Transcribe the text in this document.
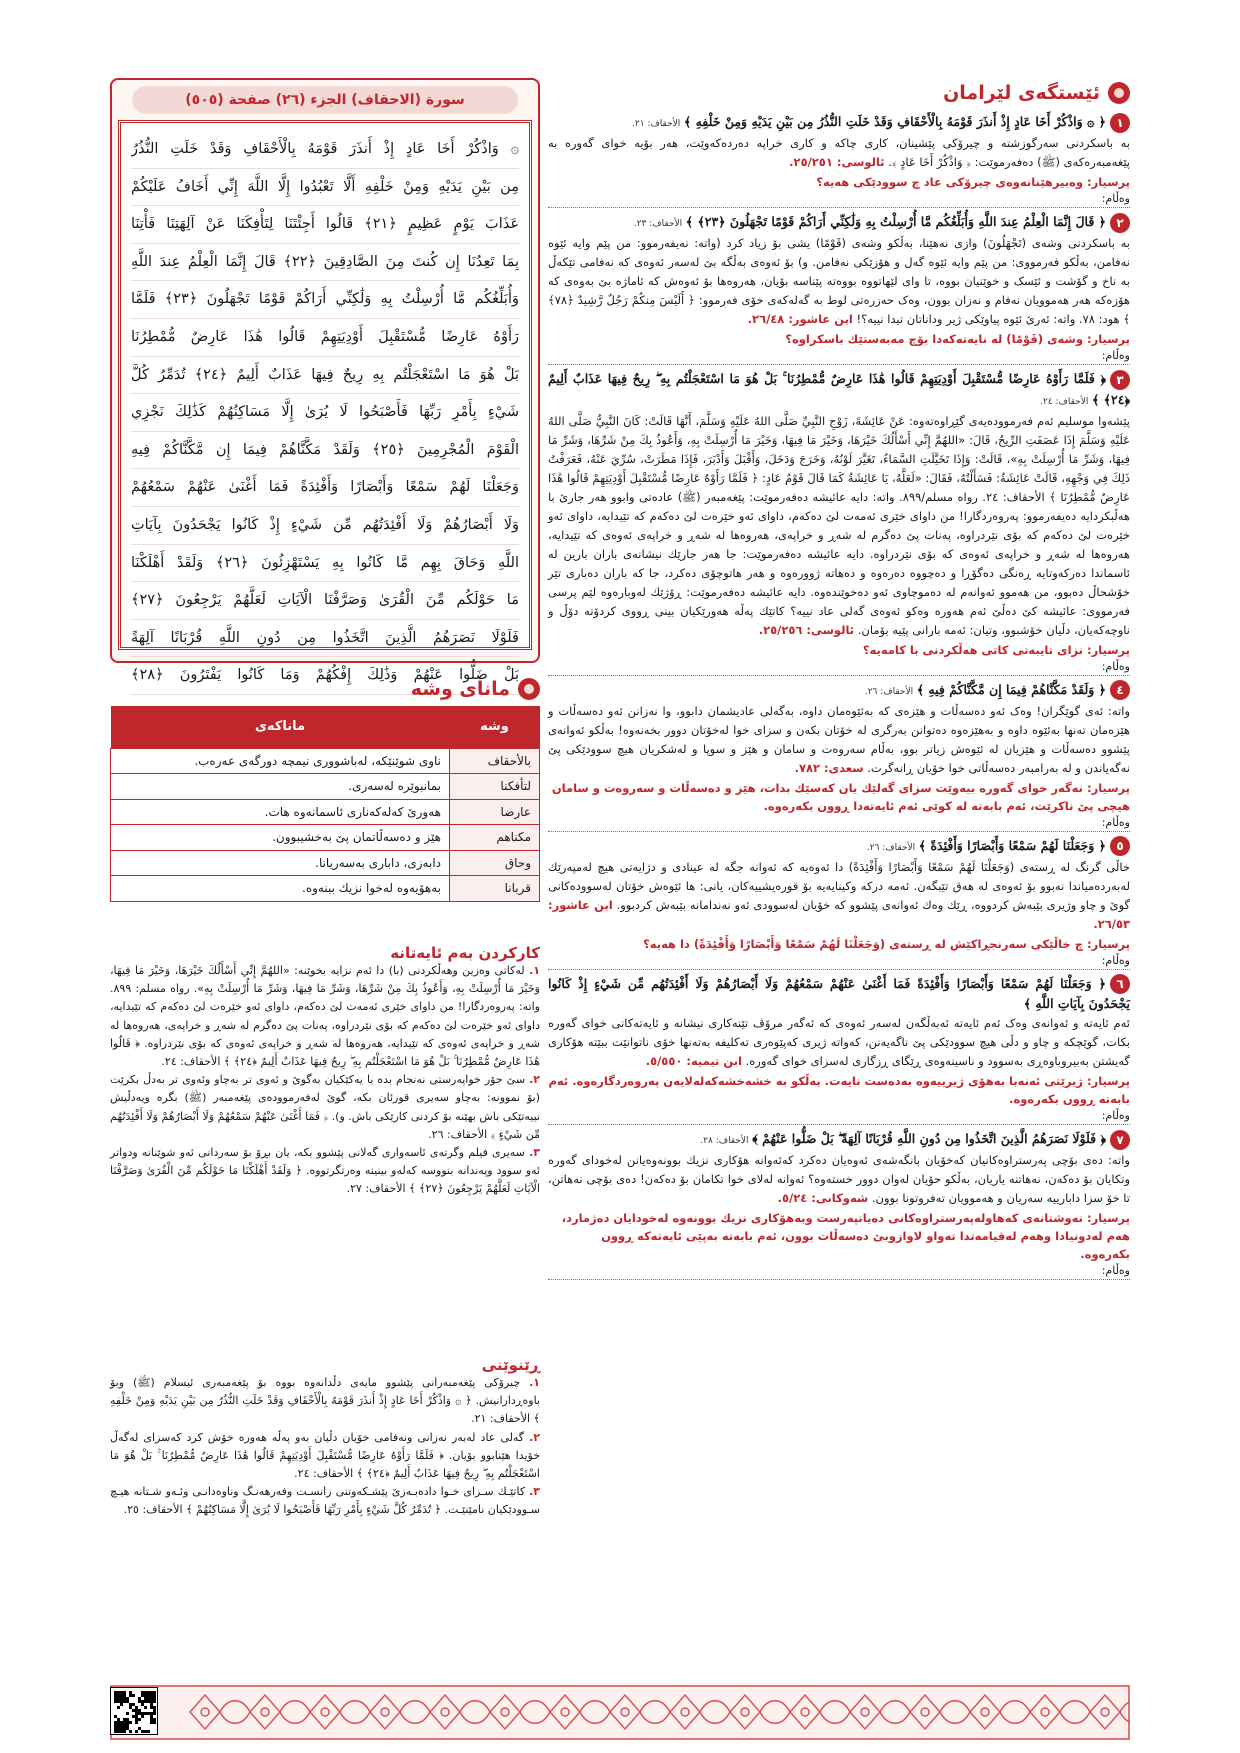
ئێستگەی لێرامان
١﴿ ۞ وَاذْكُرْ أَخَا عَادٍ إِذْ أَنذَرَ قَوْمَهُ بِالْأَحْقَافِ وَقَدْ خَلَتِ النُّذُرُ مِن بَيْنِ يَدَيْهِ وَمِنْ خَلْفِهِ ﴾ الأحقاف: ٢١.
بە باسکردنی سەرگوزشتە و چیرۆکی پێشینان، کاری چاکە و کاری خراپە دەردەکەوێت، هەر بۆیە خوای گەورە بە پێغەمبەرەکەی (ﷺ) دەفەرموێت: ﴿ وَاذْكُرْ أَخَا عَادٍ ﴾. ئالوسی: ٢٥/٢٥١.
پرسیار: وەبیرهێنانەوەی چیرۆکی عاد چ سوودێکی هەیە؟
وەڵام:
٢﴿ قَالَ إِنَّمَا الْعِلْمُ عِندَ اللَّهِ وَأُبَلِّغُكُم مَّا أُرْسِلْتُ بِهِ وَلَٰكِنِّي أَرَاكُمْ قَوْمًا تَجْهَلُونَ ﴿٢٣﴾ ﴾ الأحقاف: ٢٣.
بە باسکردنی وشەی (تَجْهَلُونَ) وازی نەهێنا، بەڵکو وشەی (قَوْمًا) یشی بۆ زیاد کرد (واتە: نەیفەرموو: من پێم وایە ئێوە نەفامن، بەڵکو فەرمووی: من پێم وایە ئێوە گەل و هۆزێکی نەفامن. و) بۆ ئەوەی بەڵگە بێ لەسەر ئەوەی کە نەفامی تێکەڵ بە ناخ و گۆشت و ئێسک و خوێنیان بووە، تا وای لێهاتووە بووەتە پێناسە بۆیان، هەروەها بۆ ئەوەش کە ئاماژە بێ بەوەی کە هۆزەکە هەر هەموویان نەفام و نەزان بوون، وەک حەزرەتی لوط بە گەلەکەی خۆی فەرموو: ﴿ أَلَيْسَ مِنكُمْ رَجُلٌ رَّشِيدٌ ﴿٧٨﴾ ﴾ هود: ٧٨. واتە: ئەرێ ئێوە پیاوێکی ژیر وداناتان تیدا نییە؟! ابن عاشور: ٢٦/٤٨.
پرسیار: وشەی (قَوْمًا) لە نایەتەکەدا بۆچ مەبەستێك باسکراوە؟
وەڵام:
٣﴿ فَلَمَّا رَأَوْهُ عَارِضًا مُّسْتَقْبِلَ أَوْدِيَتِهِمْ قَالُوا هَٰذَا عَارِضٌ مُّمْطِرُنَا ۚ بَلْ هُوَ مَا اسْتَعْجَلْتُم بِهِ ۖ رِيحٌ فِيهَا عَذَابٌ أَلِيمٌ ﴿٢٤﴾ ﴾ الأحقاف: ٢٤.
پێشەوا موسلیم ئەم فەرموودەیەی گێڕاوەتەوە: عَنْ عَائِشَةَ، زَوْجِ النَّبِيِّ صَلَّى اللهُ عَلَيْهِ وَسَلَّمَ، أَنَّهَا قَالَتْ: كَانَ النَّبِيُّ صَلَّى اللهُ عَلَيْهِ وَسَلَّمَ إِذَا عَصَفَتِ الرِّيحُ، قَالَ: «اللهُمَّ إِنِّي أَسْأَلُكَ خَيْرَهَا، وَخَيْرَ مَا فِيهَا، وَخَيْرَ مَا أُرْسِلَتْ بِهِ، وَأَعُوذُ بِكَ مِنْ شَرِّهَا، وَشَرِّ مَا فِيهَا، وَشَرِّ مَا أُرْسِلَتْ بِهِ»، قَالَتْ: وَإِذَا تَخَيَّلَتِ السَّمَاءُ، تَغَيَّرَ لَوْنُهُ، وَخَرَجَ وَدَخَلَ، وَأَقْبَلَ وَأَدْبَرَ، فَإِذَا مَطَرَتْ، سُرِّيَ عَنْهُ، فَعَرَفْتُ ذَلِكَ فِي وَجْهِهِ، قَالَتْ عَائِشَةُ: فَسَأَلْتُهُ، فَقَالَ: «لَعَلَّهُ، يَا عَائِشَةُ كَمَا قَالَ قَوْمُ عَادٍ: ﴿ فَلَمَّا رَأَوْهُ عَارِضًا مُّسْتَقْبِلَ أَوْدِيَتِهِمْ قَالُوا هَٰذَا عَارِضٌ مُّمْطِرُنَا ﴾ الأحقاف: ٢٤. رواه مسلم/٨٩٩. واتە: دایە عائیشە دەفەرموێت: پێغەمبەر (ﷺ) عادەتی وابوو هەر جارێ با هەڵبکردایە دەیفەرموو: پەروەردگارا! من داوای خێری ئەمەت لێ دەکەم، داوای ئەو خێرەت لێ دەکەم کە تێیدایە، داوای ئەو خێرەت لێ دەکەم کە بۆی نێردراوە، پەنات پێ دەگرم لە شەڕ و خراپەی، هەروەها لە شەڕ و خراپەی ئەوەی کە تێیدایە، هەروەها لە شەڕ و خراپەی ئەوەی کە بۆی نێردراوە. دایە عائیشە دەفەرموێت: جا هەر جارێك نیشانەی باران بارین لە ئاسماندا دەرکەوتایە ڕەنگی دەگۆڕا و دەچووە دەرەوە و دەهاتە ژوورەوە و هەر هاتوچۆی دەکرد، جا کە باران دەباری تێر خۆشحاڵ دەبوو، من هەموو ئەوانەم لە دەموچاوی ئەو دەخوێندەوە. دایە عائیشە دەفەرموێت: ڕۆژێك لەوبارەوە لێم پرسی فەرمووی: عائیشە کێ دەڵێ ئەم هەورە وەکو ئەوەی گەلی عاد نییە؟ کاتێك پەڵە هەورێکیان بینی ڕووی کردۆتە دۆڵ و ناوچەکەیان، دڵیان خۆشبوو، وتیان: ئەمە بارانی پێیە بۆمان. ئالوسی: ٢٥/٢٥٦.
پرسیار: نزای تایبەتی کاتی هەڵکردنی با کامەیە؟
وەڵام:
٤﴿ وَلَقَدْ مَكَّنَّاهُمْ فِيمَا إِن مَّكَّنَّاكُمْ فِيهِ ﴾ الأحقاف: ٢٦.
واتە: ئەی گوێگران! وەک ئەو دەسەڵات و هێزەی کە بەئێوەمان داوە، بەگەلی عادیشمان دابوو، وا نەزانن ئەو دەسەڵات و هێزەمان تەنها بەئێوە داوە و بەهێزەوە دەتوانن بەرگری لە خۆتان بکەن و سزای خوا لەخۆتان دوور بخەنەوە! بەڵکو ئەوانەی پێشوو دەسەڵات و هێزیان لە ئێوەش زیاتر بوو، بەڵام سەروەت و سامان و هێز و سوپا و لەشکریان هیچ سوودێکی پێ نەگەیاندن و لە بەرامبەر دەسەڵاتی خوا خۆیان ڕانەگرت. سعدی: ٧٨٢.
پرسیار: نەگەر خوای گەورە بیەوێت سزای گەلێك یان کەسێك بدات، هێز و دەسەڵات و سەروەت و سامان هیچی پێ ناکرێت، ئەم بابەتە لە کوێی ئەم ئایەتەدا ڕوون بکەرەوە.
وەڵام:
٥﴿ وَجَعَلْنَا لَهُمْ سَمْعًا وَأَبْصَارًا وَأَفْئِدَةً ﴾ الأحقاف: ٢٦.
خاڵی گرنگ لە ڕستەی (وَجَعَلْنَا لَهُمْ سَمْعًا وَأَبْصَارًا وَأَفْئِدَةً) دا ئەوەیە کە ئەوانە جگە لە عینادی و دژایەتی هیچ لەمپەرێك لەبەردەمیاندا نەبوو بۆ ئەوەی لە هەق تێبگەن. ئەمە درکە وکینایەیە بۆ قورەیشییەکان، یانی: ها ئێوەش خۆتان لەسوودەکانی گوێ و چاو وژیری بێبەش کردووە، ڕێك وەك ئەوانەی پێشوو کە خۆیان لەسوودی ئەو نەندامانە بێبەش کردبوو. ابن عاشور: ٢٦/٥٣.
پرسیار: چ خاڵێکی سەرنجڕاکێش لە ڕستەی (وَجَعَلْنَا لَهُمْ سَمْعًا وَأَبْصَارًا وَأَفْئِدَةً) دا هەیە؟
وەڵام:
٦﴿ وَجَعَلْنَا لَهُمْ سَمْعًا وَأَبْصَارًا وَأَفْئِدَةً فَمَا أَغْنَىٰ عَنْهُمْ سَمْعُهُمْ وَلَا أَبْصَارُهُمْ وَلَا أَفْئِدَتُهُم مِّن شَيْءٍ إِذْ كَانُوا يَجْحَدُونَ بِآيَاتِ اللَّهِ ﴾
ئەم ئایەتە و ئەوانەی وەک ئەم ئایەتە ئەبەڵگەن لەسەر ئەوەی کە ئەگەر مرۆڤ تێنەکاری نیشانە و ئایەتەکانی خوای گەورە بکات، گوێچکە و چاو و دڵی هیچ سوودێکی پێ ناگەیەنن، کەواتە ژیری کەپێوەری تەکلیفە بەتەنها خۆی ناتوانێت ببێتە هۆکاری گەیشتن بەبیروباوەڕی بەسوود و ناسینەوەی ڕێگای ڕزگاری لەسزای خوای گەورە. ابن تیمیە: ٥/٥٥٠.
پرسیار: ژیرێتی ئەنەبا بەهۆی ژیرییەوە بەدەست نایەت. بەڵکو بە خشەخشەکەلەلایەن پەروەردگارەوە. ئەم بابەتە ڕوون بکەرەوە.
وەڵام:
٧﴿ فَلَوْلَا نَصَرَهُمُ الَّذِينَ اتَّخَذُوا مِن دُونِ اللَّهِ قُرْبَانًا آلِهَةً ۖ بَلْ ضَلُّوا عَنْهُمْ ﴾ الأحقاف: ٢٨.
واتە: دەی بۆچی پەرستراوەکانیان کەخۆیان بانگەشەی ئەوەیان دەکرد کەئەوانە هۆکاری نزیك بوونەوەیانن لەخودای گەورە وتکایان بۆ دەکەن، نەهاتنە یاریان، بەڵکو حۆیان لەوان دوور خستەوە؟ ئەوانە لەلای خوا تکامان بۆ دەکەن! دەی بۆچی نەهاتن، تا خۆ سزا دابارییە سەریان و هەموویان تەفروتونا بوون. شەوکانی: ٥/٢٤.
پرسیار: نەوشتانەی کەهاولەپەرستراوەکانی دەیانپەرست وبەهۆکاری نزیك بوونەوە لەخودایان دەژمارد، هەم لەدونیادا وهەم لەقیامەتدا تەواو لاوازوبێ دەسەڵات بوون، ئەم بابەتە بەپێی ئایەتەکە ڕوون بکەرەوە.
وەڵام:
سورة (الاحقاف) الجزء (٢٦) صفحة (٥٠٥)
۞ وَاذْكُرْ أَخَا عَادٍ إِذْ أَنذَرَ قَوْمَهُ بِالْأَحْقَافِ وَقَدْ خَلَتِ النُّذُرُ
مِن بَيْنِ يَدَيْهِ وَمِنْ خَلْفِهِ أَلَّا تَعْبُدُوا إِلَّا اللَّهَ إِنِّي أَخَافُ عَلَيْكُمْ
عَذَابَ يَوْمٍ عَظِيمٍ ﴿٢١﴾ قَالُوا أَجِئْتَنَا لِتَأْفِكَنَا عَنْ آلِهَتِنَا فَأْتِنَا
بِمَا تَعِدُنَا إِن كُنتَ مِنَ الصَّادِقِينَ ﴿٢٢﴾ قَالَ إِنَّمَا الْعِلْمُ عِندَ اللَّهِ
وَأُبَلِّغُكُم مَّا أُرْسِلْتُ بِهِ وَلَٰكِنِّي أَرَاكُمْ قَوْمًا تَجْهَلُونَ ﴿٢٣﴾ فَلَمَّا
رَأَوْهُ عَارِضًا مُّسْتَقْبِلَ أَوْدِيَتِهِمْ قَالُوا هَٰذَا عَارِضٌ مُّمْطِرُنَا
بَلْ هُوَ مَا اسْتَعْجَلْتُم بِهِ رِيحٌ فِيهَا عَذَابٌ أَلِيمٌ ﴿٢٤﴾ تُدَمِّرُ كُلَّ
شَيْءٍ بِأَمْرِ رَبِّهَا فَأَصْبَحُوا لَا يُرَىٰ إِلَّا مَسَاكِنُهُمْ كَذَٰلِكَ نَجْزِي
الْقَوْمَ الْمُجْرِمِينَ ﴿٢٥﴾ وَلَقَدْ مَكَّنَّاهُمْ فِيمَا إِن مَّكَّنَّاكُمْ فِيهِ
وَجَعَلْنَا لَهُمْ سَمْعًا وَأَبْصَارًا وَأَفْئِدَةً فَمَا أَغْنَىٰ عَنْهُمْ سَمْعُهُمْ
وَلَا أَبْصَارُهُمْ وَلَا أَفْئِدَتُهُم مِّن شَيْءٍ إِذْ كَانُوا يَجْحَدُونَ بِآيَاتِ
اللَّهِ وَحَاقَ بِهِم مَّا كَانُوا بِهِ يَسْتَهْزِئُونَ ﴿٢٦﴾ وَلَقَدْ أَهْلَكْنَا
مَا حَوْلَكُم مِّنَ الْقُرَىٰ وَصَرَّفْنَا الْآيَاتِ لَعَلَّهُمْ يَرْجِعُونَ ﴿٢٧﴾
فَلَوْلَا نَصَرَهُمُ الَّذِينَ اتَّخَذُوا مِن دُونِ اللَّهِ قُرْبَانًا آلِهَةً
بَلْ ضَلُّوا عَنْهُمْ وَذَٰلِكَ إِفْكُهُمْ وَمَا كَانُوا يَفْتَرُونَ ﴿٢٨﴾
ماناى وشە
وشە	ماناکەی
بالأحقاف	ناوی شوێنێکە، لەباشووری نیمچە دورگەی عەرەب.
لتأفكنا	بمانبوێرە لەسەری.
عارضا	هەورێ کەلەکەناری ئاسمانەوە هات.
مكناهم	هێز و دەسەڵاتمان پێ بەخشیبوون.
وحاق	دابەزی، دابارى بەسەریانا.
قربانا	بەهۆیەوە لەخوا نزیك ببنەوە.
کارکردن بەم ئایەتانە
١. لەکاتی وەزین وهەڵکردنی (با) دا ئەم نزایە بخوێنە: «اللهُمَّ إِنِّي أَسْأَلُكَ خَيْرَهَا، وَخَيْرَ مَا فِيهَا، وَخَيْرَ مَا أُرْسِلَتْ بِهِ، وَأَعُوذُ بِكَ مِنْ شَرِّهَا، وَشَرِّ مَا فِيهَا، وَشَرِّ مَا أُرْسِلَتْ بِهِ». رواه مسلم: ٨٩٩. واتە: پەروەردگارا! من داوای خێری ئەمەت لێ دەکەم، داوای ئەو خێرەت لێ دەکەم کە تێیدایە، داوای ئەو خێرەت لێ دەکەم کە بۆی نێردراوە، پەنات پێ دەگرم لە شەڕ و خراپەی، هەروەها لە شەڕ و خراپەی ئەوەی کە تێیدایە، هەروەها لە شەڕ و خراپەی ئەوەی کە بۆی نێردراوە. ﴿ قَالُوا هَٰذَا عَارِضٌ مُّمْطِرُنَا ۚ بَلْ هُوَ مَا اسْتَعْجَلْتُم بِهِ ۖ رِيحٌ فِيهَا عَذَابٌ أَلِيمٌ ﴿٢٤﴾ ﴾ الأحقاف: ٢٤.
٢. سێ جۆر خواپەرستی نەنجام بدە با یەکێکیان بەگوێ و ئەوی تر بەچاو وئەوی تر بەدڵ بکرێت (بۆ نموونە: بەچاو سەیری قورئان بکە، گوێ لەفەرموودەی پێغەمبەر (ﷺ) بگرە ویەدڵیش نییەتێکی باش بهێنە بۆ کردنی کارێکی باش. و). ﴿ فَمَا أَغْنَىٰ عَنْهُمْ سَمْعُهُمْ وَلَا أَبْصَارُهُمْ وَلَا أَفْئِدَتُهُم مِّن شَيْءٍ ﴾ الأحقاف: ٢٦.
٣. سەیری فیلم وگرتەی ئاسەواری گەلانی پێشوو بکە، یان بڕۆ بۆ سەردانی ئەو شوێنانە ودواتر ئەو سوود وپەندانە بنووسە کەلەو بینینە وەرتگرتووە. ﴿ وَلَقَدْ أَهْلَكْنَا مَا حَوْلَكُم مِّنَ الْقُرَىٰ وَصَرَّفْنَا الْآيَاتِ لَعَلَّهُمْ يَرْجِعُونَ ﴿٢٧﴾ ﴾ الأحقاف: ٢٧.
ڕێنوێنی
١. چیرۆکی پێغەمبەرانی پێشوو مایەی دڵدانەوە بووە بۆ پێغەمبەری ئیسلام (ﷺ) وبۆ باوەڕدارانیش. ﴿ ۞ وَاذْكُرْ أَخَا عَادٍ إِذْ أَنذَرَ قَوْمَهُ بِالْأَحْقَافِ وَقَدْ خَلَتِ النُّذُرُ مِن بَيْنِ يَدَيْهِ وَمِنْ خَلْفِهِ ﴾ الأحقاف: ٢١.
٢. گەلی عاد لەبەر نەزانی ونەفامی خۆیان دڵیان بەو پەڵە هەورە خۆش کرد کەسزای لەگەڵ خۆیدا هێنابوو بۆیان. ﴿ فَلَمَّا رَأَوْهُ عَارِضًا مُّسْتَقْبِلَ أَوْدِيَتِهِمْ قَالُوا هَٰذَا عَارِضٌ مُّمْطِرُنَا ۚ بَلْ هُوَ مَا اسْتَعْجَلْتُم بِهِ ۖ رِيحٌ فِيهَا عَذَابٌ أَلِيمٌ ﴿٢٤﴾ ﴾ الأحقاف: ٢٤.
٣. کاتێـك سـزای خـوا دادەبـەزێ پێشـکەوتنی زانسـت وفەرهەنـگ وناوەدانـی وئـەو شـتانە هیـچ سـوودێکیان نامێنێـت. ﴿ تُدَمِّرُ كُلَّ شَيْءٍ بِأَمْرِ رَبِّهَا فَأَصْبَحُوا لَا يُرَىٰ إِلَّا مَسَاكِنُهُمْ ﴾ الأحقاف: ٢٥.
